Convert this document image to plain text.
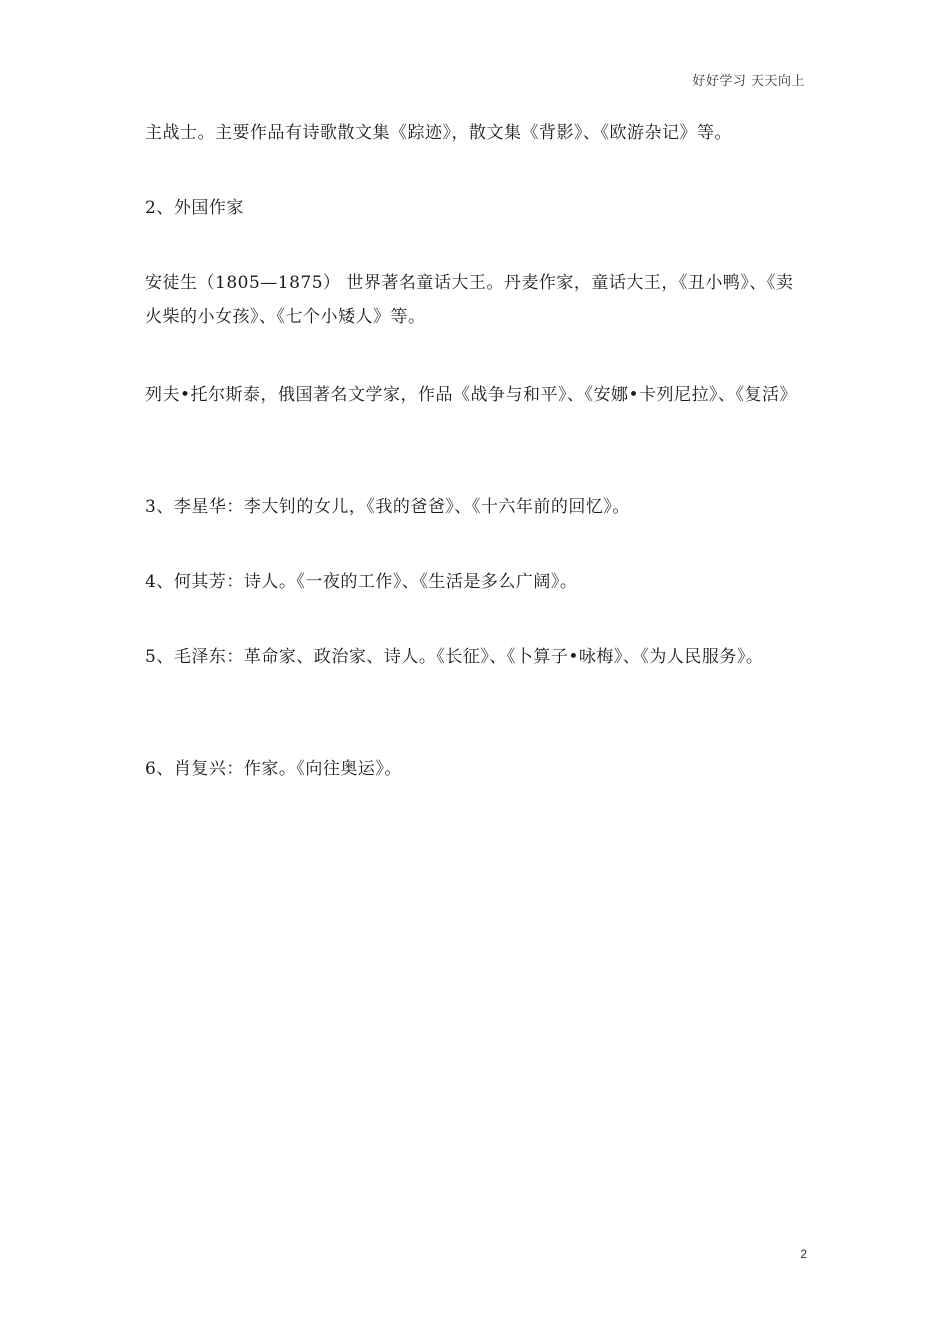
好好学习 天天向上

主战士。主要作品有诗歌散文集《踪迹》，散文集《背影》、《欧游杂记》等。

2、外国作家

安徒生（1805—1875） 世界著名童话大王。丹麦作家，童话大王，《丑小鸭》、《卖火柴的小女孩》、《七个小矮人》等。

列夫•托尔斯泰，俄国著名文学家，作品《战争与和平》、《安娜•卡列尼拉》、《复活》

3、李星华：李大钊的女儿，《我的爸爸》、《十六年前的回忆》。

4、何其芳：诗人。《一夜的工作》、《生活是多么广阔》。

5、毛泽东：革命家、政治家、诗人。《长征》、《卜算子•咏梅》、《为人民服务》。

6、肖复兴：作家。《向往奥运》。

2
